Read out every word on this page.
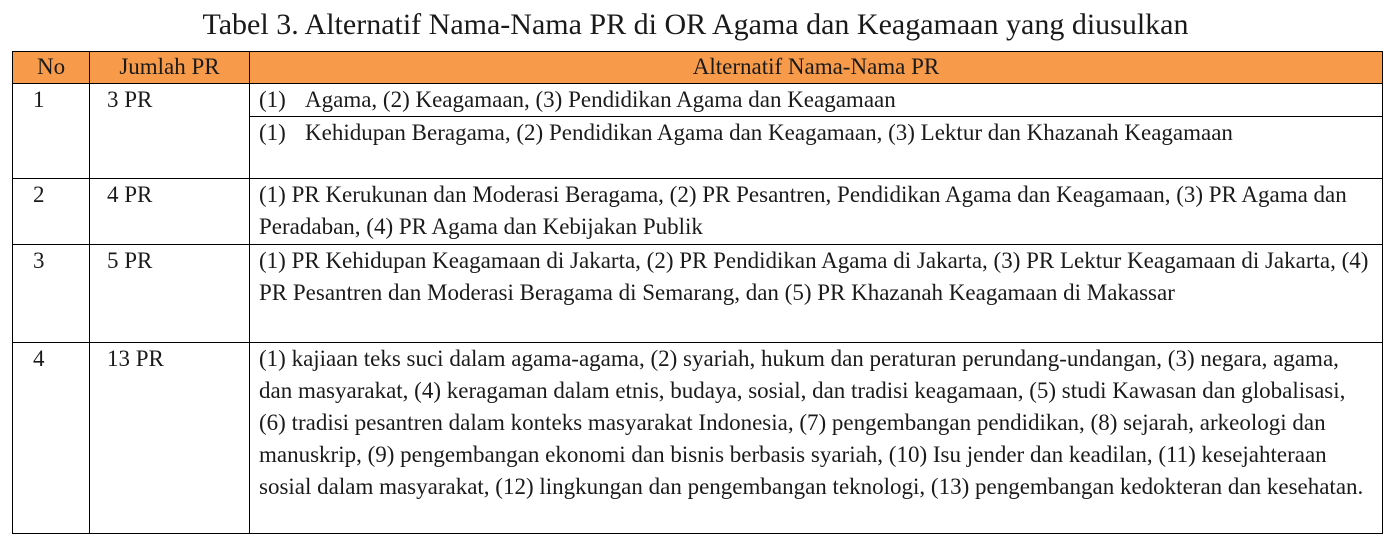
Tabel 3. Alternatif Nama-Nama PR di OR Agama dan Keagamaan yang diusulkan
No	Jumlah PR	Alternatif Nama-Nama PR
1	3 PR	(1) Agama, (2) Keagamaan, (3) Pendidikan Agama dan Keagamaan

		(1) Kehidupan Beragama, (2) Pendidikan Agama dan Keagamaan, (3) Lektur dan Khazanah Keagamaan

2	4 PR	(1) PR Kerukunan dan Moderasi Beragama, (2) PR Pesantren, Pendidikan Agama dan Keagamaan, (3) PR Agama dan Peradaban, (4) PR Agama dan Kebijakan Publik
3	5 PR	(1) PR Kehidupan Keagamaan di Jakarta, (2) PR Pendidikan Agama di Jakarta, (3) PR Lektur Keagamaan di Jakarta, (4) PR Pesantren dan Moderasi Beragama di Semarang, dan (5) PR Khazanah Keagamaan di Makassar
4	13 PR	(1) kajiaan teks suci dalam agama-agama, (2) syariah, hukum dan peraturan perundang-undangan, (3) negara, agama, dan masyarakat, (4) keragaman dalam etnis, budaya, sosial, dan tradisi keagamaan, (5) studi Kawasan dan globalisasi, (6) tradisi pesantren dalam konteks masyarakat Indonesia, (7) pengembangan pendidikan, (8) sejarah, arkeologi dan manuskrip, (9) pengembangan ekonomi dan bisnis berbasis syariah, (10) Isu jender dan keadilan, (11) kesejahteraan sosial dalam masyarakat, (12) lingkungan dan pengembangan teknologi, (13) pengembangan kedokteran dan kesehatan.
